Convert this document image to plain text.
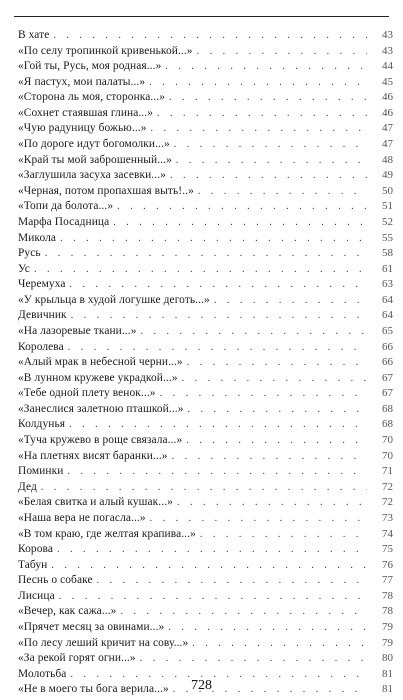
В хате . . .	43
«По селу тропинкой кривенькой...» . . .	43
«Гой ты, Русь, моя родная...» . . .	44
«Я пастух, мои палаты...» . . .	45
«Сторона ль моя, сторонка...» . . .	46
«Сохнет стаявшая глина...» . . .	46
«Чую радуницу божью...» . . .	47
«По дороге идут богомолки...» . . .	47
«Край ты мой заброшенный...» . . .	48
«Заглушила засуха засевки...» . . .	49
«Черная, потом пропахшая выть!..» . . .	50
«Топи да болота...» . . .	51
Марфа Посадница . . .	52
Микола . . .	55
Русь . . .	58
Ус . . .	61
Черемуха . . .	63
«У крыльца в худой логушке деготь...» . . .	64
Девичник . . .	64
«На лазоревые ткани...» . . .	65
Королева . . .	66
«Алый мрак в небесной черни...» . . .	66
«В лунном кружеве украдкой...» . . .	67
«Тебе одной плету венок...» . . .	67
«Занеслися залетною пташкой...» . . .	68
Колдунья . . .	68
«Туча кружево в роще связала...» . . .	70
«На плетнях висят баранки...» . . .	70
Поминки . . .	71
Дед . . .	72
«Белая свитка и алый кушак...» . . .	72
«Наша вера не погасла...» . . .	73
«В том краю, где желтая крапива...» . . .	74
Корова . . .	75
Табун . . .	76
Песнь о собаке . . .	77
Лисица . . .	78
«Вечер, как сажа...» . . .	78
«Прячет месяц за овинами...» . . .	79
«По лесу леший кричит на сову...» . . .	79
«За рекой горят огни...» . . .	80
Молотьба . . .	81
«Не в моего ты бога верила...» . . .	81
728
